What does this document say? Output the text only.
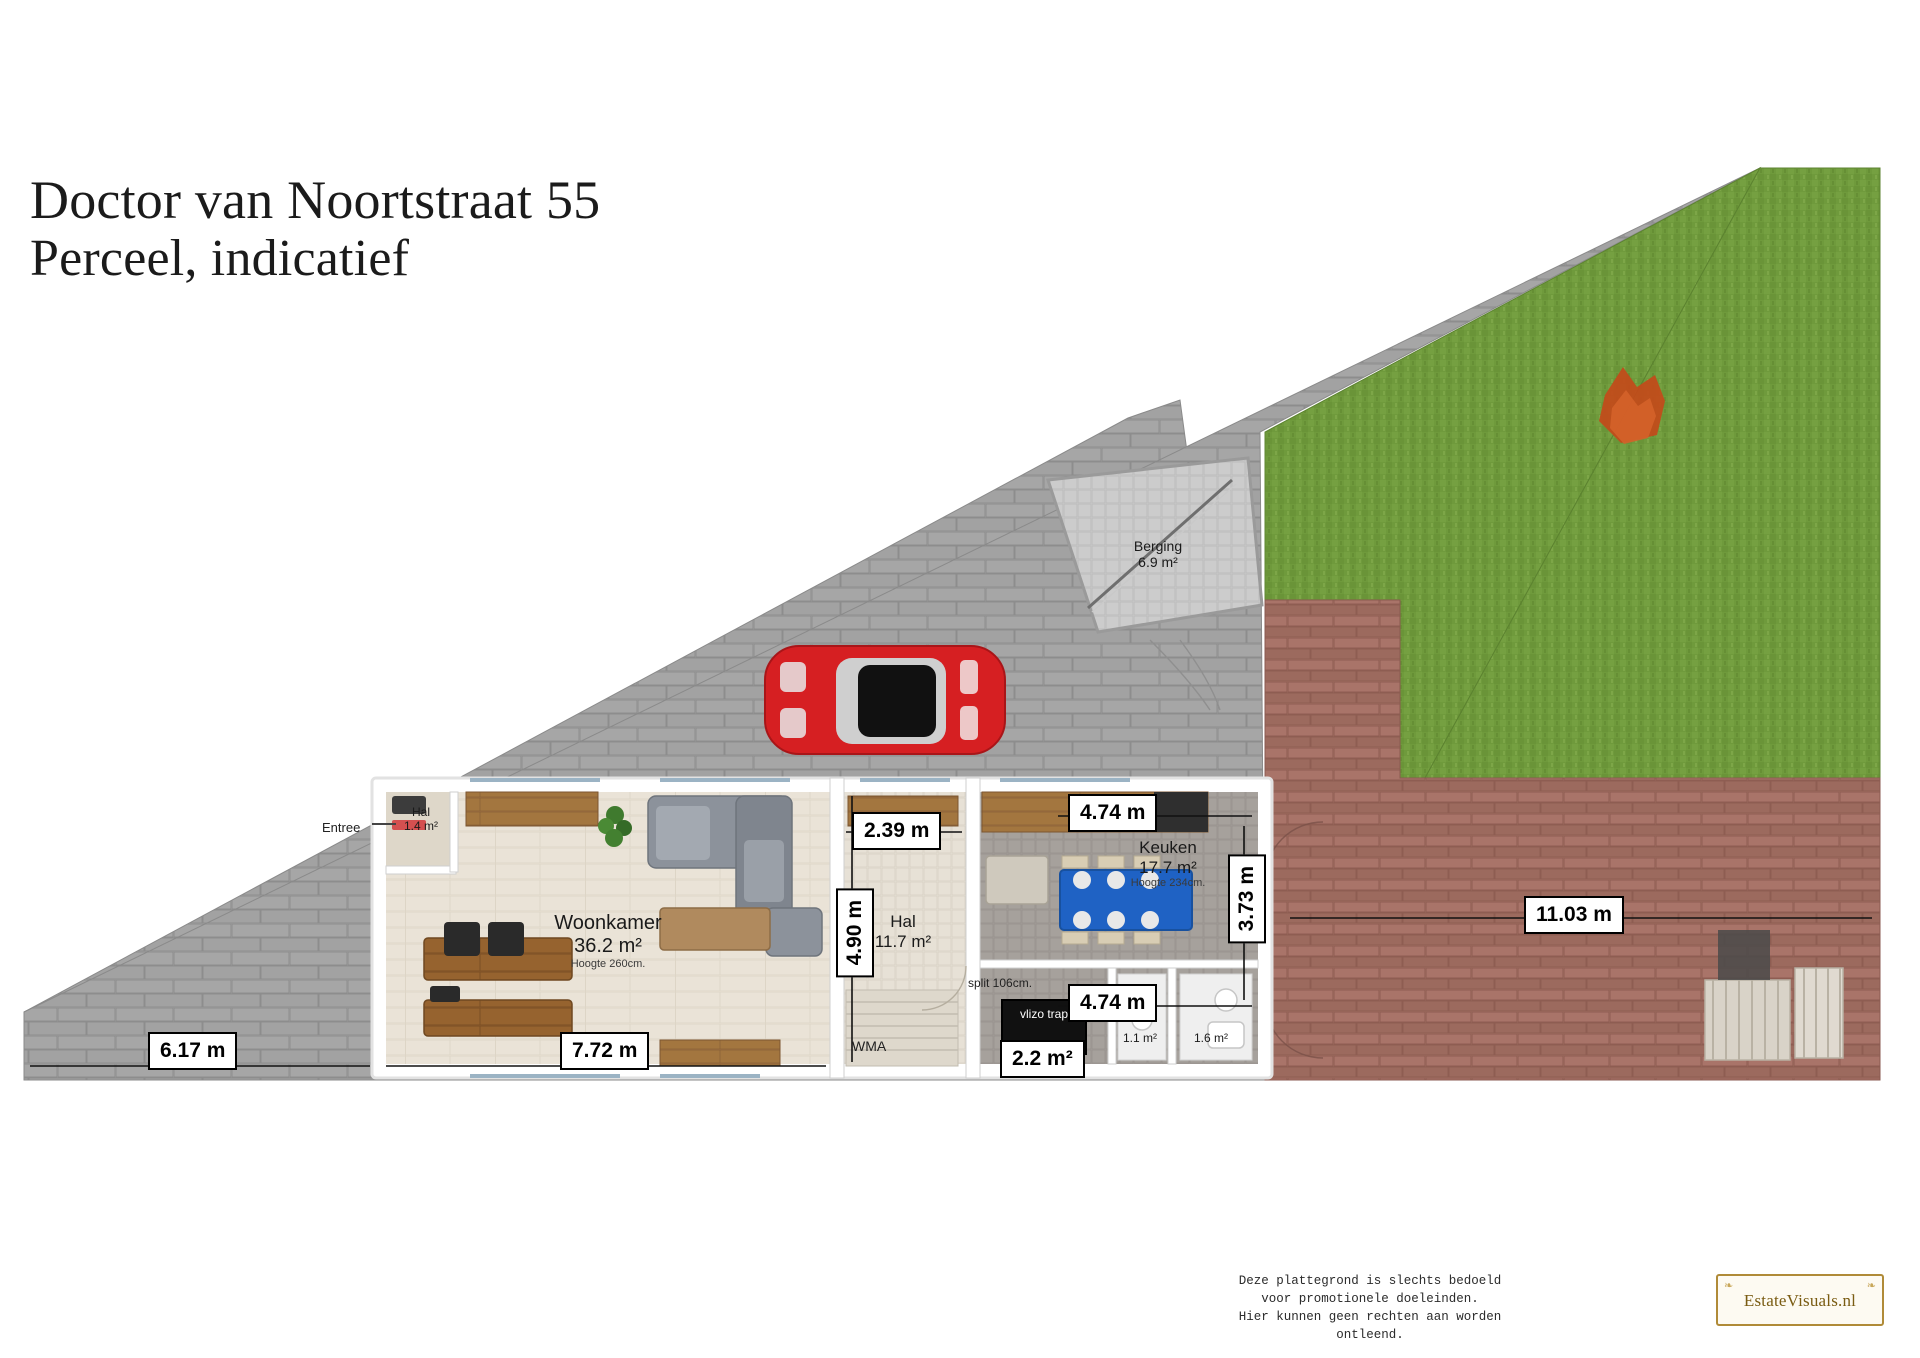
Doctor van Noortstraat 55
Perceel, indicatief
Berging
6.9 m²
Hal
1.4 m²
Woonkamer
36.2 m²
Hoogte 260cm.
Hal
11.7 m²
Keuken
17.7 m²
Hoogte 234cm.
vlizo trap
2.2 m²
1.1 m²	1.6 m²
Entree
WMA
split 106cm.
6.17 m	7.72 m
2.39 m
4.90 m
4.74 m
4.74 m
3.73 m	11.03 m
Deze plattegrond is slechts bedoeld
voor promotionele doeleinden.
Hier kunnen geen rechten aan worden ontleend.
❧	❧
EstateVisuals.nl
